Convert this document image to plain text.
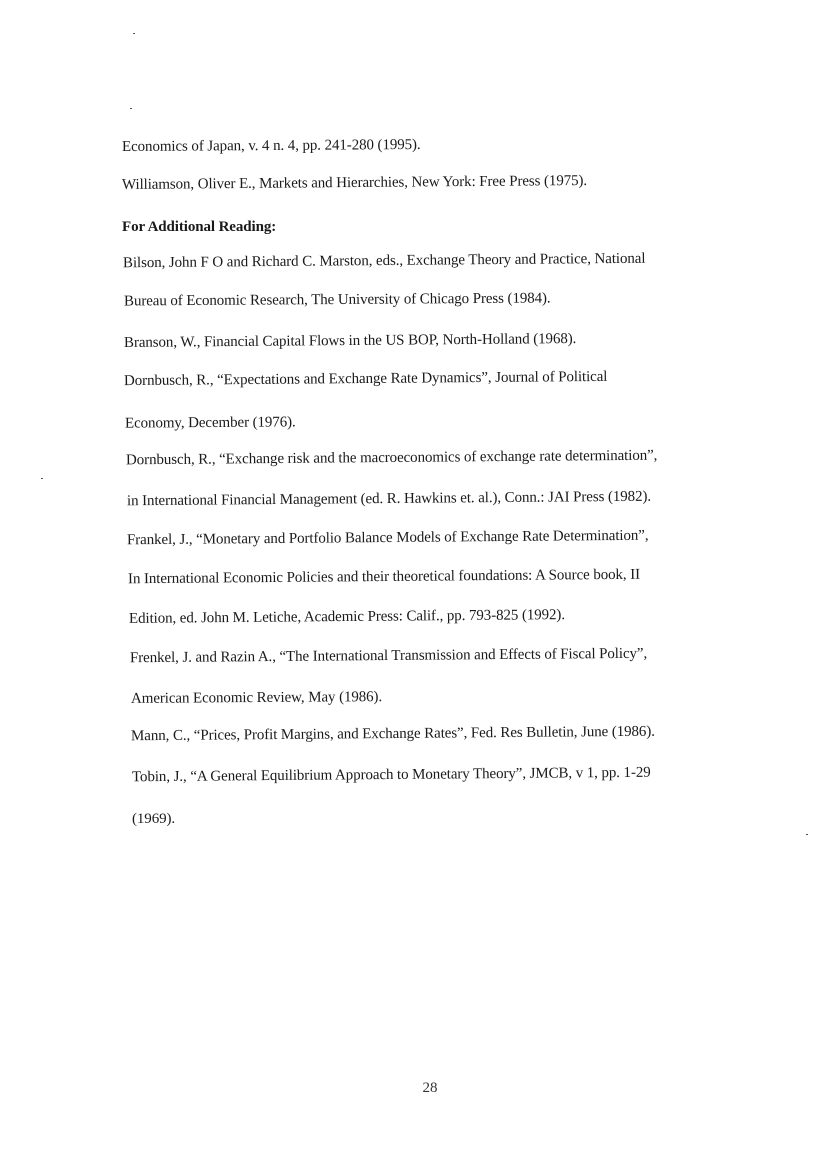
Economics of Japan, v. 4 n. 4, pp. 241-280 (1995).
Williamson, Oliver E., Markets and Hierarchies, New York: Free Press (1975).
For Additional Reading:
Bilson, John F O and Richard C. Marston, eds., Exchange Theory and Practice, National
Bureau of Economic Research, The University of Chicago Press (1984).
Branson, W., Financial Capital Flows in the US BOP, North-Holland (1968).
Dornbusch, R., “Expectations and Exchange Rate Dynamics”, Journal of Political
Economy, December (1976).
Dornbusch, R., “Exchange risk and the macroeconomics of exchange rate determination”,
in International Financial Management (ed. R. Hawkins et. al.), Conn.: JAI Press (1982).
Frankel, J., “Monetary and Portfolio Balance Models of Exchange Rate Determination”,
In International Economic Policies and their theoretical foundations: A Source book, II
Edition, ed. John M. Letiche, Academic Press: Calif., pp. 793-825 (1992).
Frenkel, J. and Razin A., “The International Transmission and Effects of Fiscal Policy”,
American Economic Review, May (1986).
Mann, C., “Prices, Profit Margins, and Exchange Rates”, Fed. Res Bulletin, June (1986).
Tobin, J., “A General Equilibrium Approach to Monetary Theory”, JMCB, v 1, pp. 1-29
(1969).
28
